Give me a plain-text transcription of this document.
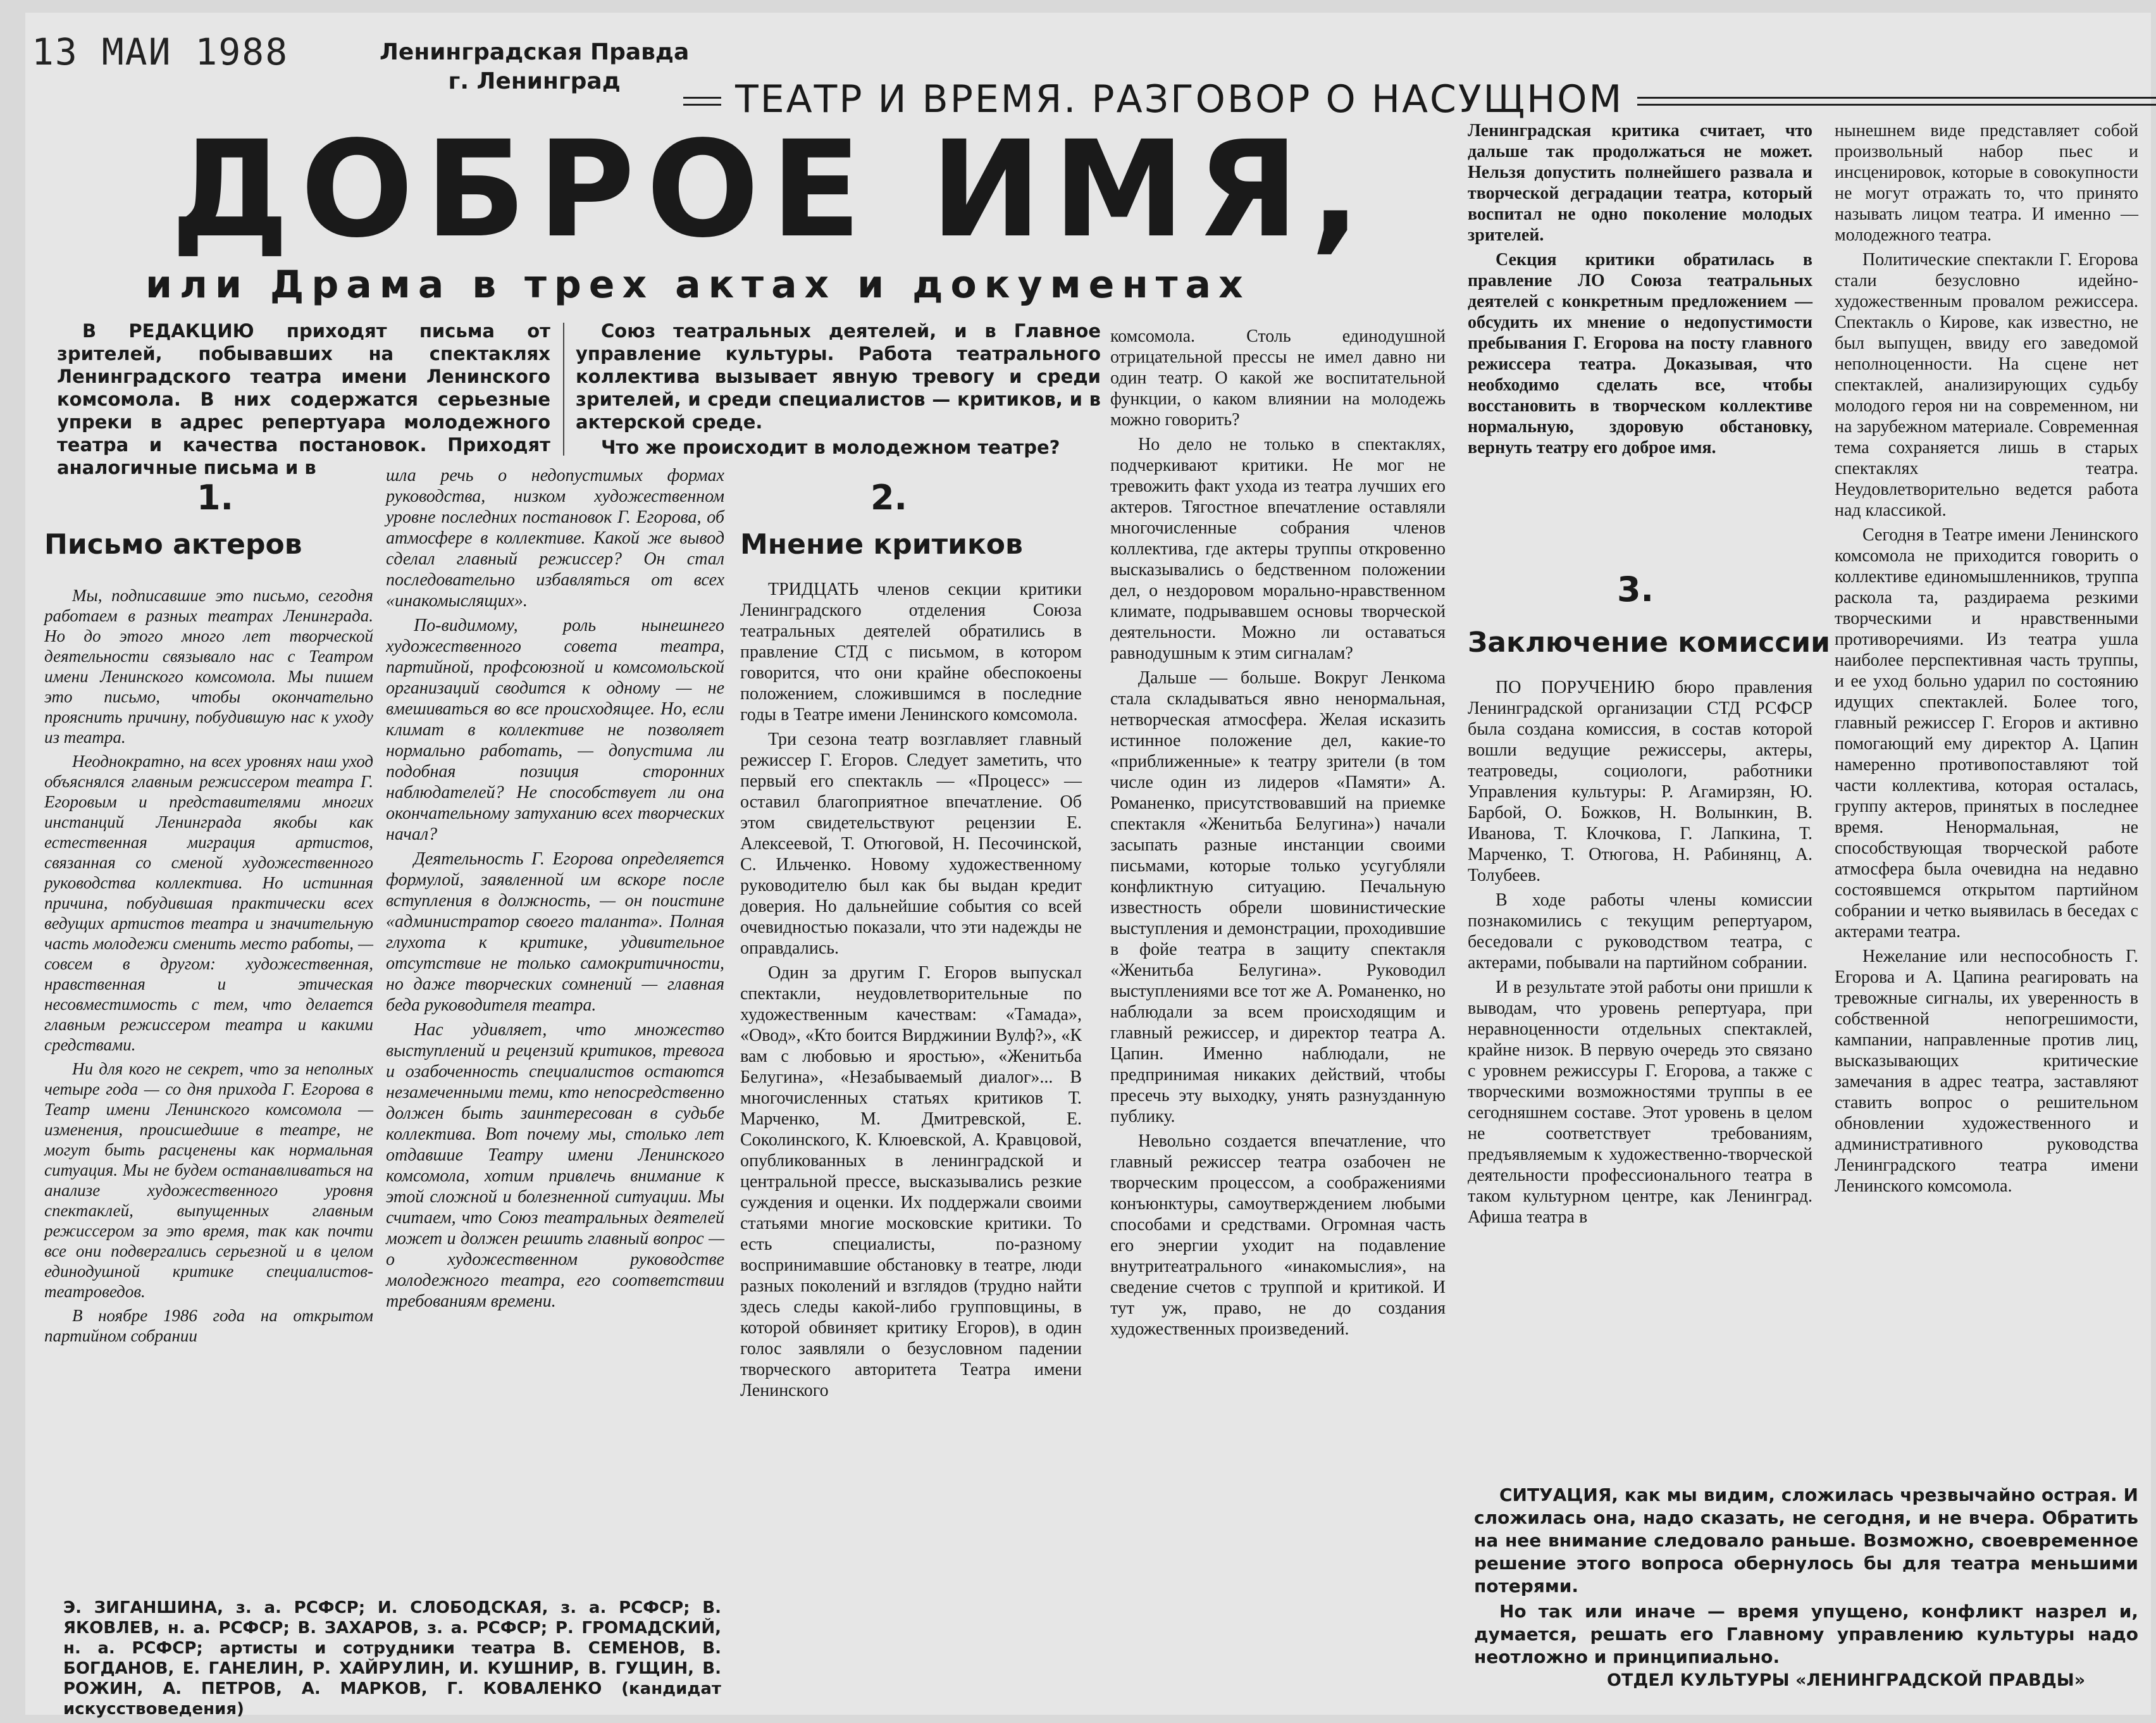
13 МАИ 1988	Ленинградская Правда
г. Ленинград	ТЕАТР И ВРЕМЯ. РАЗГОВОР О НАСУЩНОМ
ДОБРОЕ ИМЯ,
или Драма в трех актах и документах

В РЕДАКЦИЮ приходят письма от зрителей, побывавших на спектаклях Ленинградского театра имени Ленинского комсомола. В них содержатся серьезные упреки в адрес репертуара молодежного театра и качества постановок. Приходят аналогичные письма и в

Союз театральных деятелей, и в Главное управление культуры. Работа театрального коллектива вызывает явную тревогу и среди зрителей, и среди специалистов — критиков, и в актерской среде.

Что же происходит в молодежном театре?

1.
Письмо актеров

Мы, подписавшие это письмо, сегодня работаем в разных театрах Ленинграда. Но до этого много лет творческой деятельности связывало нас с Театром имени Ленинского комсомола. Мы пишем это письмо, чтобы окончательно прояснить причину, побудившую нас к уходу из театра.

Неоднократно, на всех уровнях наш уход объяснялся главным режиссером театра Г. Егоровым и представителями многих инстанций Ленинграда якобы как естественная миграция артистов, связанная со сменой художественного руководства коллектива. Но истинная причина, побудившая практически всех ведущих артистов театра и значительную часть молодежи сменить место работы, — совсем в другом: художественная, нравственная и этическая несовместимость с тем, что делается главным режиссером театра и какими средствами.

Ни для кого не секрет, что за неполных четыре года — со дня прихода Г. Егорова в Театр имени Ленинского комсомола — изменения, происшедшие в театре, не могут быть расценены как нормальная ситуация. Мы не будем останавливаться на анализе художественного уровня спектаклей, выпущенных главным режиссером за это время, так как почти все они подвергались серьезной и в целом единодушной критике специалистов-театроведов.

В ноябре 1986 года на открытом партийном собрании

шла речь о недопустимых формах руководства, низком художественном уровне последних постановок Г. Егорова, об атмосфере в коллективе. Какой же вывод сделал главный режиссер? Он стал последовательно избавляться от всех «инакомыслящих».

По-видимому, роль нынешнего художественного совета театра, партийной, профсоюзной и комсомольской организаций сводится к одному — не вмешиваться во все происходящее. Но, если климат в коллективе не позволяет нормально работать, — допустима ли подобная позиция сторонних наблюдателей? Не способствует ли она окончательному затуханию всех творческих начал?

Деятельность Г. Егорова определяется формулой, заявленной им вскоре после вступления в должность, — он поистине «администратор своего таланта». Полная глухота к критике, удивительное отсутствие не только самокритичности, но даже творческих сомнений — главная беда руководителя театра.

Нас удивляет, что множество выступлений и рецензий критиков, тревога и озабоченность специалистов остаются незамеченными теми, кто непосредственно должен быть заинтересован в судьбе коллектива. Вот почему мы, столько лет отдавшие Театру имени Ленинского комсомола, хотим привлечь внимание к этой сложной и болезненной ситуации. Мы считаем, что Союз театральных деятелей может и должен решить главный вопрос — о художественном руководстве молодежного театра, его соответствии требованиям времени.

Э. ЗИГАНШИНА, з. а. РСФСР; И. СЛОБОДСКАЯ, з. а. РСФСР; В. ЯКОВЛЕВ, н. а. РСФСР; В. ЗАХАРОВ, з. а. РСФСР; Р. ГРОМАДСКИЙ, н. а. РСФСР; артисты и сотрудники театра В. СЕМЕНОВ, В. БОГДАНОВ, Е. ГАНЕЛИН, Р. ХАЙРУЛИН, И. КУШНИР, В. ГУЩИН, В. РОЖИН, А. ПЕТРОВ, А. МАРКОВ, Г. КОВАЛЕНКО (кандидат искусствоведения)
2.
Мнение критиков

ТРИДЦАТЬ членов секции критики Ленинградского отделения Союза театральных деятелей обратились в правление СТД с письмом, в котором говорится, что они крайне обеспокоены положением, сложившимся в последние годы в Театре имени Ленинского комсомола.

Три сезона театр возглавляет главный режиссер Г. Егоров. Следует заметить, что первый его спектакль — «Процесс» — оставил благоприятное впечатление. Об этом свидетельствуют рецензии Е. Алексеевой, Т. Отюговой, Н. Песочинской, С. Ильченко. Новому художественному руководителю был как бы выдан кредит доверия. Но дальнейшие события со всей очевидностью показали, что эти надежды не оправдались.

Один за другим Г. Егоров выпускал спектакли, неудовлетворительные по художественным качествам: «Тамада», «Овод», «Кто боится Вирджинии Вулф?», «К вам с любовью и яростью», «Женитьба Белугина», «Незабываемый диалог»... В многочисленных статьях критиков Т. Марченко, М. Дмитревской, Е. Соколинского, К. Клюевской, А. Кравцовой, опубликованных в ленинградской и центральной прессе, высказывались резкие суждения и оценки. Их поддержали своими статьями многие московские критики. То есть специалисты, по-разному воспринимавшие обстановку в театре, люди разных поколений и взглядов (трудно найти здесь следы какой-либо групповщины, в которой обвиняет критику Егоров), в один голос заявляли о безусловном падении творческого авторитета Театра имени Ленинского

комсомола. Столь единодушной отрицательной прессы не имел давно ни один театр. О какой же воспитательной функции, о каком влиянии на молодежь можно говорить?

Но дело не только в спектаклях, подчеркивают критики. Не мог не тревожить факт ухода из театра лучших его актеров. Тягостное впечатление оставляли многочисленные собрания членов коллектива, где актеры труппы откровенно высказывались о бедственном положении дел, о нездоровом морально-нравственном климате, подрывавшем основы творческой деятельности. Можно ли оставаться равнодушным к этим сигналам?

Дальше — больше. Вокруг Ленкома стала складываться явно ненормальная, нетворческая атмосфера. Желая исказить истинное положение дел, какие-то «приближенные» к театру зрители (в том числе один из лидеров «Памяти» А. Романенко, присутствовавший на приемке спектакля «Женитьба Белугина») начали засыпать разные инстанции своими письмами, которые только усугубляли конфликтную ситуацию. Печальную известность обрели шовинистические выступления и демонстрации, проходившие в фойе театра в защиту спектакля «Женитьба Белугина». Руководил выступлениями все тот же А. Романенко, но наблюдали за всем происходящим и главный режиссер, и директор театра А. Цапин. Именно наблюдали, не предпринимая никаких действий, чтобы пресечь эту выходку, унять разнузданную публику.

Невольно создается впечатление, что главный режиссер театра озабочен не творческим процессом, а соображениями конъюнктуры, самоутверждением любыми способами и средствами. Огромная часть его энергии уходит на подавление внутритеатрального «инакомыслия», на сведение счетов с труппой и критикой. И тут уж, право, не до создания художественных произведений.

Ленинградская критика считает, что дальше так продолжаться не может. Нельзя допустить полнейшего развала и творческой деградации театра, который воспитал не одно поколение молодых зрителей.

Секция критики обратилась в правление ЛО Союза театральных деятелей с конкретным предложением — обсудить их мнение о недопустимости пребывания Г. Егорова на посту главного режиссера театра. Доказывая, что необходимо сделать все, чтобы восстановить в творческом коллективе нормальную, здоровую обстановку, вернуть театру его доброе имя.

3.
Заключение комиссии

ПО ПОРУЧЕНИЮ бюро правления Ленинградской организации СТД РСФСР была создана комиссия, в состав которой вошли ведущие режиссеры, актеры, театроведы, социологи, работники Управления культуры: Р. Агамирзян, Ю. Барбой, О. Божков, Н. Волынкин, В. Иванова, Т. Клочкова, Г. Лапкина, Т. Марченко, Т. Отюгова, Н. Рабинянц, А. Толубеев.

В ходе работы члены комиссии познакомились с текущим репертуаром, беседовали с руководством театра, с актерами, побывали на партийном собрании.

И в результате этой работы они пришли к выводам, что уровень репертуара, при неравноценности отдельных спектаклей, крайне низок. В первую очередь это связано с уровнем режиссуры Г. Егорова, а также с творческими возможностями труппы в ее сегодняшнем составе. Этот уровень в целом не соответствует требованиям, предъявляемым к художественно-творческой деятельности профессионального театра в таком культурном центре, как Ленинград. Афиша театра в

нынешнем виде представляет собой произвольный набор пьес и инсценировок, которые в совокупности не могут отражать то, что принято называть лицом театра. И именно — молодежного театра.

Политические спектакли Г. Егорова стали безусловно идейно-художественным провалом режиссера. Спектакль о Кирове, как известно, не был выпущен, ввиду его заведомой неполноценности. На сцене нет спектаклей, анализирующих судьбу молодого героя ни на современном, ни на зарубежном материале. Современная тема сохраняется лишь в старых спектаклях театра. Неудовлетворительно ведется работа над классикой.

Сегодня в Театре имени Ленинского комсомола не приходится говорить о коллективе единомышленников, труппа раскола та, раздираема резкими творческими и нравственными противоречиями. Из театра ушла наиболее перспективная часть труппы, и ее уход больно ударил по состоянию идущих спектаклей. Более того, главный режиссер Г. Егоров и активно помогающий ему директор А. Цапин намеренно противопоставляют той части коллектива, которая осталась, группу актеров, принятых в последнее время. Ненормальная, не способствующая творческой работе атмосфера была очевидна на недавно состоявшемся открытом партийном собрании и четко выявилась в беседах с актерами театра.

Нежелание или неспособность Г. Егорова и А. Цапина реагировать на тревожные сигналы, их уверенность в собственной непогрешимости, кампании, направленные против лиц, высказывающих критические замечания в адрес театра, заставляют ставить вопрос о решительном обновлении художественного и административного руководства Ленинградского театра имени Ленинского комсомола.

СИТУАЦИЯ, как мы видим, сложилась чрезвычайно острая. И сложилась она, надо сказать, не сегодня, и не вчера. Обратить на нее внимание следовало раньше. Возможно, своевременное решение этого вопроса обернулось бы для театра меньшими потерями.

Но так или иначе — время упущено, конфликт назрел и, думается, решать его Главному управлению культуры надо неотложно и принципиально.

ОТДЕЛ КУЛЬТУРЫ «ЛЕНИНГРАДСКОЙ ПРАВДЫ»
